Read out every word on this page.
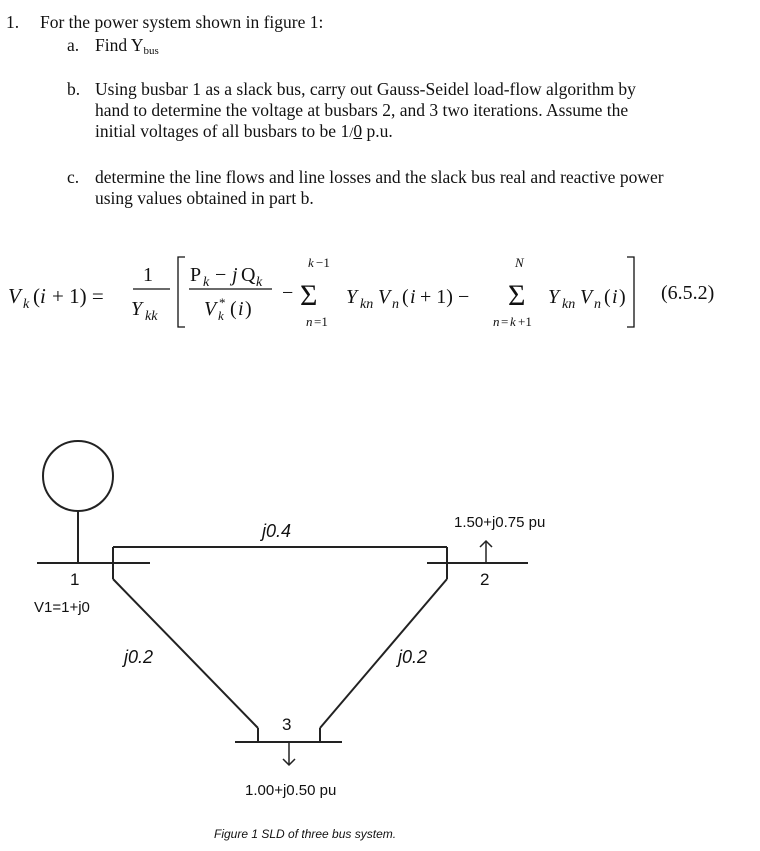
1. For the power system shown in figure 1:
a. Find Ybus
b. Using busbar 1 as a slack bus, carry out Gauss-Seidel load-flow algorithm by
hand to determine the voltage at busbars 2, and 3 two iterations. Assume the
initial voltages of all busbars to be 1/0 p.u.
c. determine the line flows and line losses and the slack bus real and reactive power
using values obtained in part b.
V k ( i + 1) =
1
Y kk
P k − j Q k
V *
k ( i )
−
k −1
Σ
n =1
Y kn V n ( i + 1) −
N
Σ
n = k +1
Y kn V n ( i ) (6.5.2)
1
V1=1+j0
j0.4	1.50+j0.75 pu
2
j0.2	j0.2
3
1.00+j0.50 pu
Figure 1 SLD of three bus system.
